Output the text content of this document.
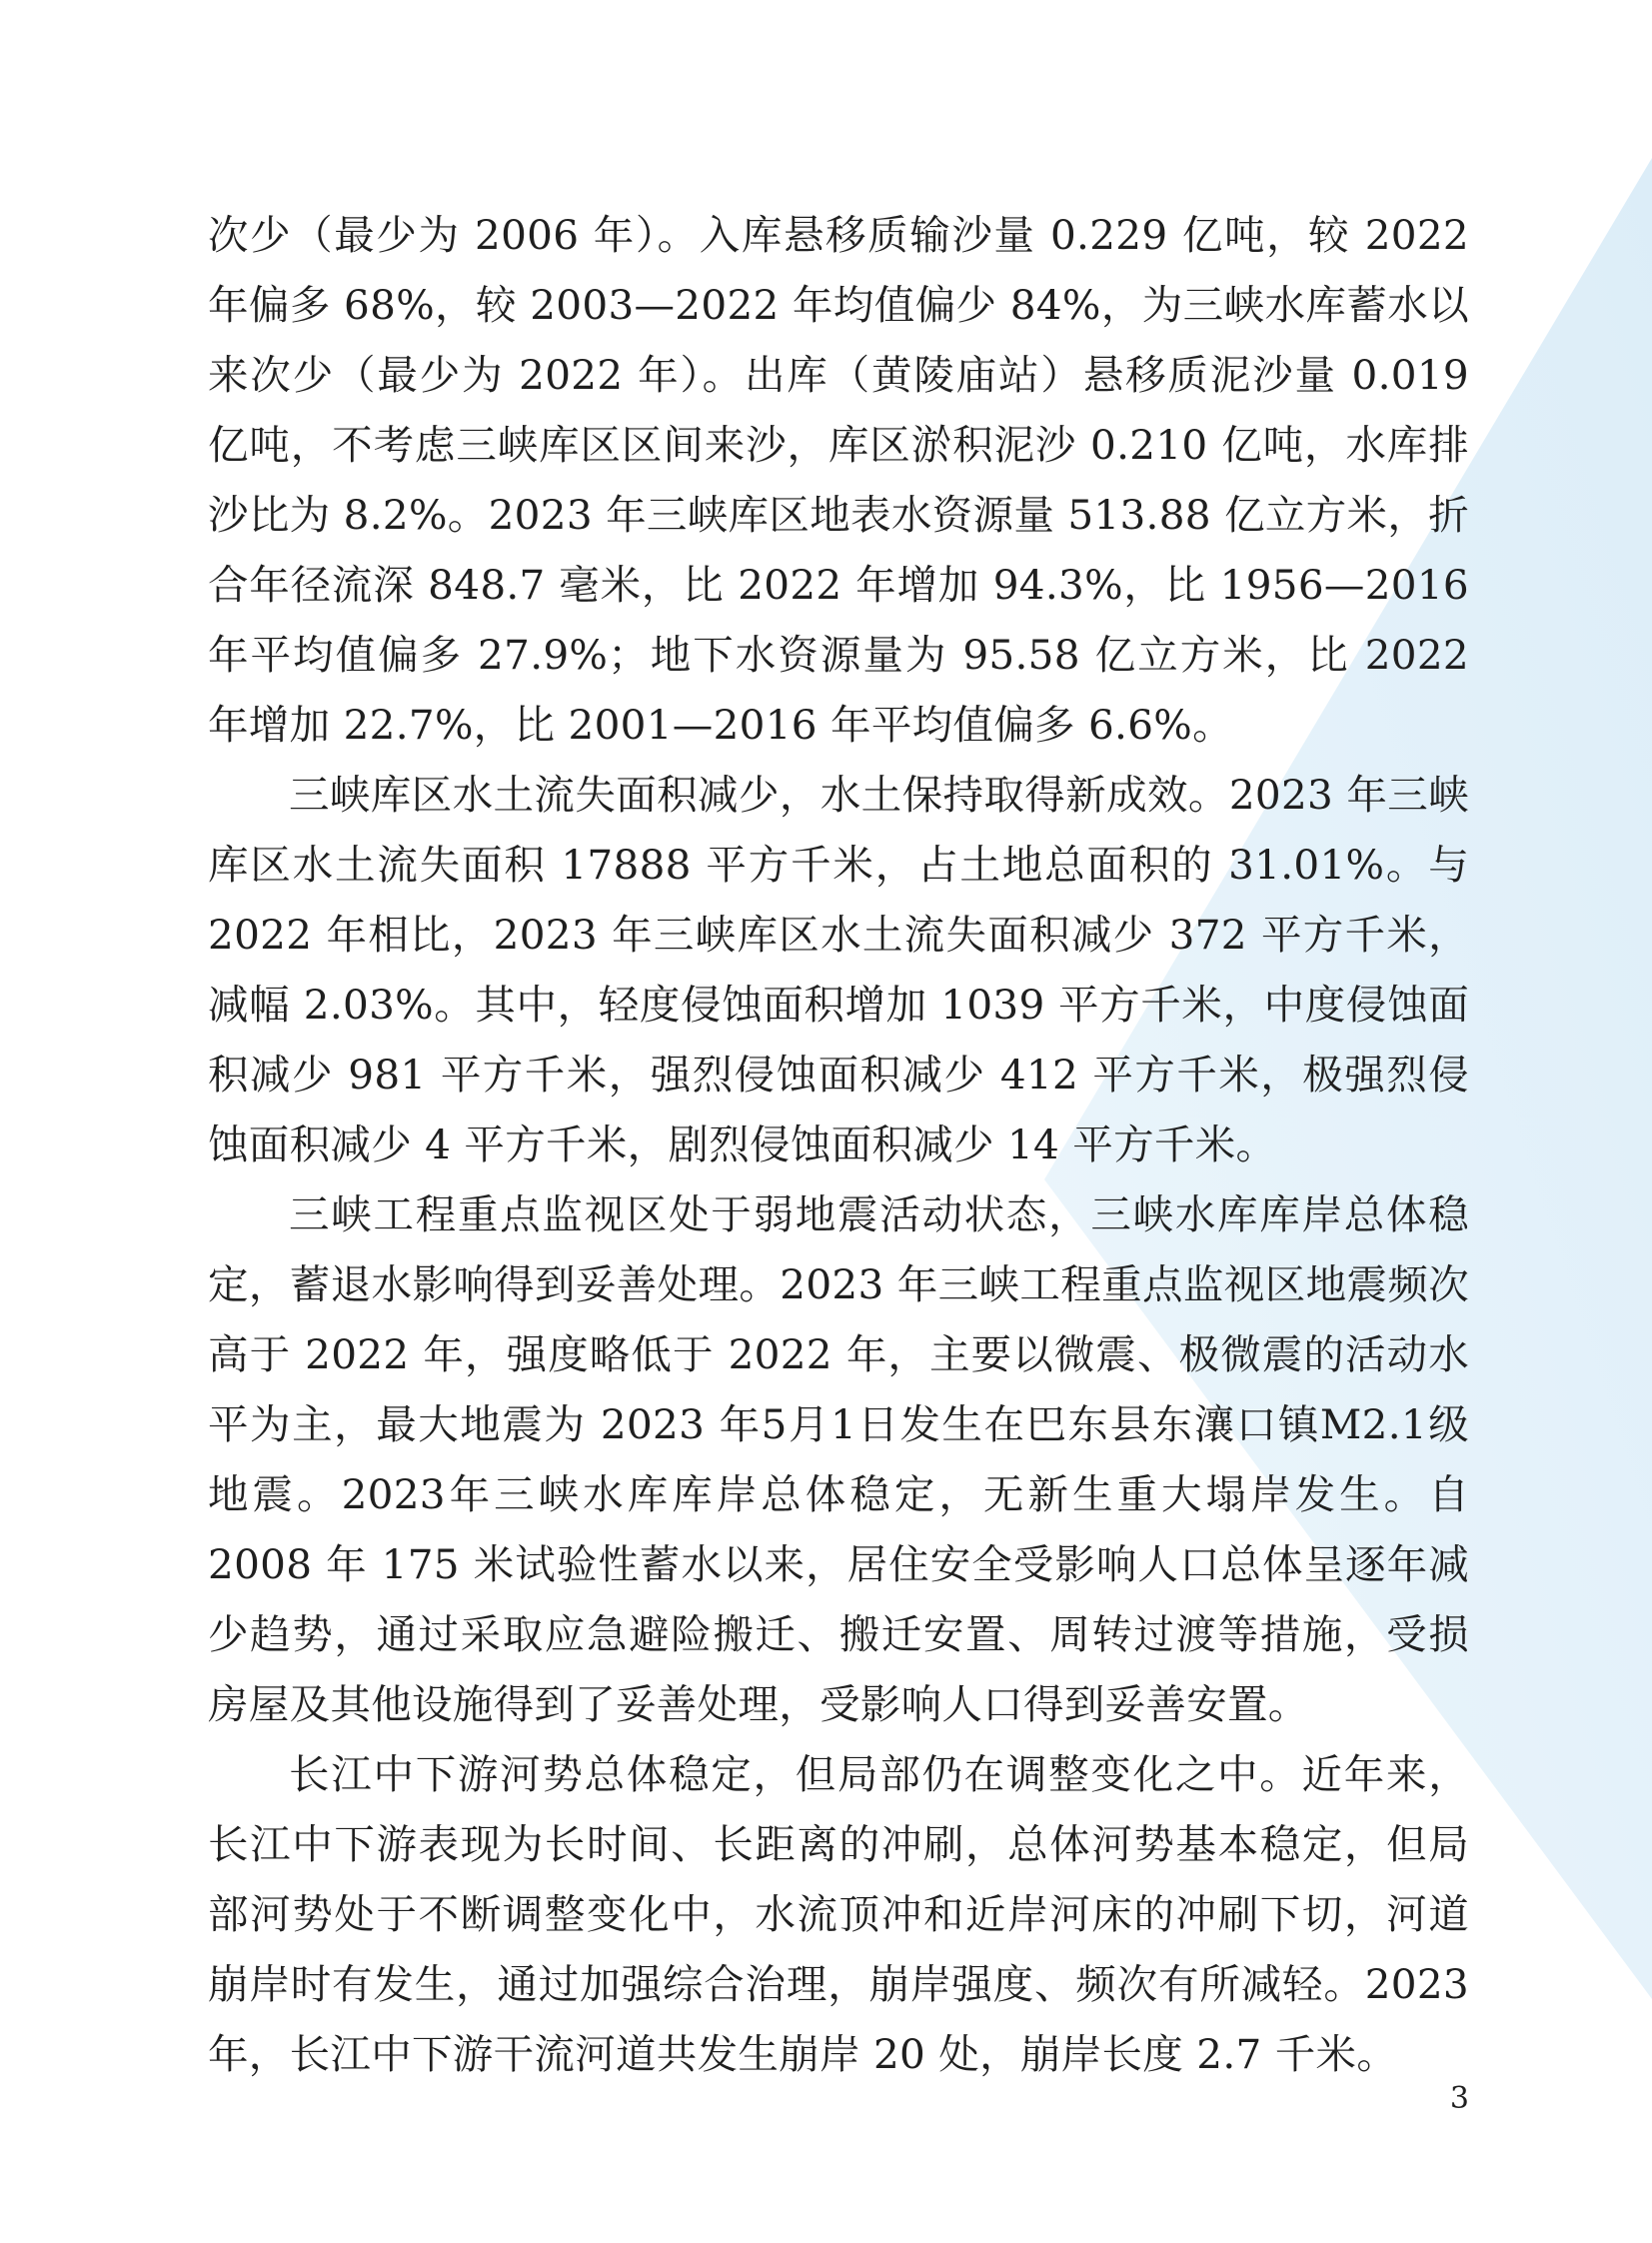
次少（最少为 2006 年）。入库悬移质输沙量 0.229 亿吨，较 2022 年偏多 68%，较 2003—2022 年均值偏少 84%，为三峡水库蓄水以来次少（最少为 2022 年）。出库（黄陵庙站）悬移质泥沙量 0.019 亿吨，不考虑三峡库区区间来沙，库区淤积泥沙 0.210 亿吨，水库排沙比为 8.2%。2023 年三峡库区地表水资源量 513.88 亿立方米，折合年径流深 848.7 毫米，比 2022 年增加 94.3%，比 1956—2016 年平均值偏多 27.9%；地下水资源量为 95.58 亿立方米，比 2022 年增加 22.7%，比 2001—2016 年平均值偏多 6.6%。

三峡库区水土流失面积减少，水土保持取得新成效。2023 年三峡库区水土流失面积 17888 平方千米，占土地总面积的 31.01%。与 2022 年相比，2023 年三峡库区水土流失面积减少 372 平方千米，减幅 2.03%。其中，轻度侵蚀面积增加 1039 平方千米，中度侵蚀面积减少 981 平方千米，强烈侵蚀面积减少 412 平方千米，极强烈侵蚀面积减少 4 平方千米，剧烈侵蚀面积减少 14 平方千米。

三峡工程重点监视区处于弱地震活动状态，三峡水库库岸总体稳定，蓄退水影响得到妥善处理。2023 年三峡工程重点监视区地震频次高于 2022 年，强度略低于 2022 年，主要以微震、极微震的活动水平为主，最大地震为 2023 年5月1日发生在巴东县东瀼口镇M2.1级地震。2023年三峡水库库岸总体稳定，无新生重大塌岸发生。自 2008 年 175 米试验性蓄水以来，居住安全受影响人口总体呈逐年减少趋势，通过采取应急避险搬迁、搬迁安置、周转过渡等措施，受损房屋及其他设施得到了妥善处理，受影响人口得到妥善安置。

长江中下游河势总体稳定，但局部仍在调整变化之中。近年来，长江中下游表现为长时间、长距离的冲刷，总体河势基本稳定，但局部河势处于不断调整变化中，水流顶冲和近岸河床的冲刷下切，河道崩岸时有发生，通过加强综合治理，崩岸强度、频次有所减轻。2023 年，长江中下游干流河道共发生崩岸 20 处，崩岸长度 2.7 千米。

3
